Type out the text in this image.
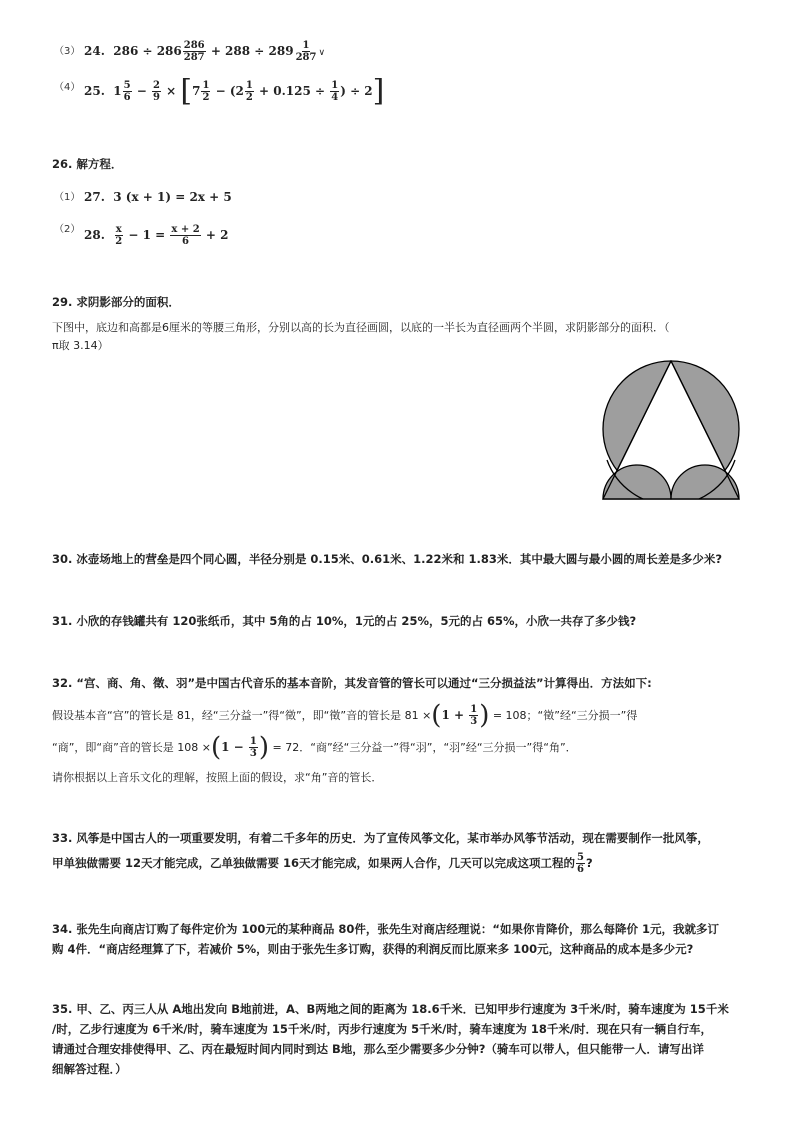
（3） 24. $286 \div 286 \frac{286}{287} + 288 \div 289 \frac{1}{287}$ ∨
（4） 25. $1 \frac{5}{6} - \frac{2}{9} \times [7 \frac{1}{2} - (2 \frac{1}{2} + 0.125 \div \frac{1}{4}$ ) ÷ 2]
26. 解方程．
（1） 27. 3 (x + 1) = 2x + 5
（2） 28. $\frac{x}{2} - 1 = \frac{x + 2}{6} + 2$
29. 求阴影部分的面积．
下图中，底边和高都是6厘米的等腰三角形，分别以高的长为直径画圆，以底的一半长为直径画两个半圆，求阴影部分的面积．（
π取 3.14）
30. 冰壶场地上的营垒是四个同心圆，半径分别是 0.15米、0.61米、1.22米和 1.83米．其中最大圆与最小圆的周长差是多少米?
31. 小欣的存钱罐共有 120张纸币，其中 5角的占 10%，1元的占 25%，5元的占 65%，小欣一共存了多少钱?
32. “宫、商、角、徵、羽”是中国古代音乐的基本音阶，其发音管的管长可以通过“三分损益法”计算得出．方法如下:
假设基本音“宫”的管长是 81，经“三分益一”得“徵”，即“徵”音的管长是 $81 \times(1 + \frac{1}{3}$ ) = 108；“徵”经“三分损一”得
“商”，即“商”音的管长是 $108 \times(1 - \frac{1}{3}$ ) = 72．“商”经“三分益一”得“羽”，“羽”经“三分损一”得“角”．
请你根据以上音乐文化的理解，按照上面的假设，求“角”音的管长．
33. 风筝是中国古人的一项重要发明，有着二千多年的历史．为了宣传风筝文化，某市举办风筝节活动，现在需要制作一批风筝，
甲单独做需要 12天才能完成，乙单独做需要 16天才能完成，如果两人合作，几天可以完成这项工程的 $\frac{5}{6}$ ?
34. 张先生向商店订购了每件定价为 100元的某种商品 80件，张先生对商店经理说：“如果你肯降价，那么每降价 1元，我就多订
购 4件．“商店经理算了下，若减价 5%，则由于张先生多订购，获得的利润反而比原来多 100元，这种商品的成本是多少元?
35. 甲、乙、丙三人从 A地出发向 B地前进，A、B两地之间的距离为 18.6千米．已知甲步行速度为 3千米/时，骑车速度为 15千米
/时，乙步行速度为 6千米/时，骑车速度为 15千米/时，丙步行速度为 5千米/时，骑车速度为 18千米/时．现在只有一辆自行车，
请通过合理安排使得甲、乙、丙在最短时间内同时到达 B地，那么至少需要多少分钟?（骑车可以带人，但只能带一人．请写出详
细解答过程．）
